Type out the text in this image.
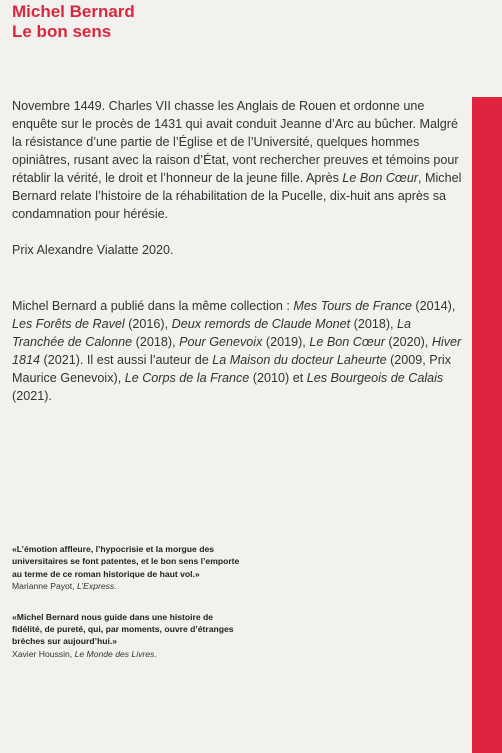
Michel Bernard
Le bon sens

Novembre 1449. Charles VII chasse les Anglais de Rouen et ordonne une enquête sur le procès de 1431 qui avait conduit Jeanne d’Arc au bûcher. Malgré la résistance d’une partie de l’Église et de l’Université, quelques hommes opiniâtres, rusant avec la raison d’État, vont rechercher preuves et témoins pour rétablir la vérité, le droit et l’honneur de la jeune fille. Après Le Bon Cœur, Michel Bernard relate l’histoire de la réhabilitation de la Pucelle, dix-huit ans après sa condamnation pour hérésie.

Prix Alexandre Vialatte 2020.

Michel Bernard a publié dans la même collection : Mes Tours de France (2014), Les Forêts de Ravel (2016), Deux remords de Claude Monet (2018), La Tranchée de Calonne (2018), Pour Genevoix (2019), Le Bon Cœur (2020), Hiver 1814 (2021). Il est aussi l’auteur de La Maison du docteur Laheurte (2009, Prix Maurice Genevoix), Le Corps de la France (2010) et Les Bourgeois de Calais (2021).

«L’émotion affleure, l’hypocrisie et la morgue des universitaires se font patentes, et le bon sens l’emporte au terme de ce roman historique de haut vol.»

Marianne Payot, L’Express.

«Michel Bernard nous guide dans une histoire de fidélité, de pureté, qui, par moments, ouvre d’étranges brèches sur aujourd’hui.»

Xavier Houssin, Le Monde des Livres.
